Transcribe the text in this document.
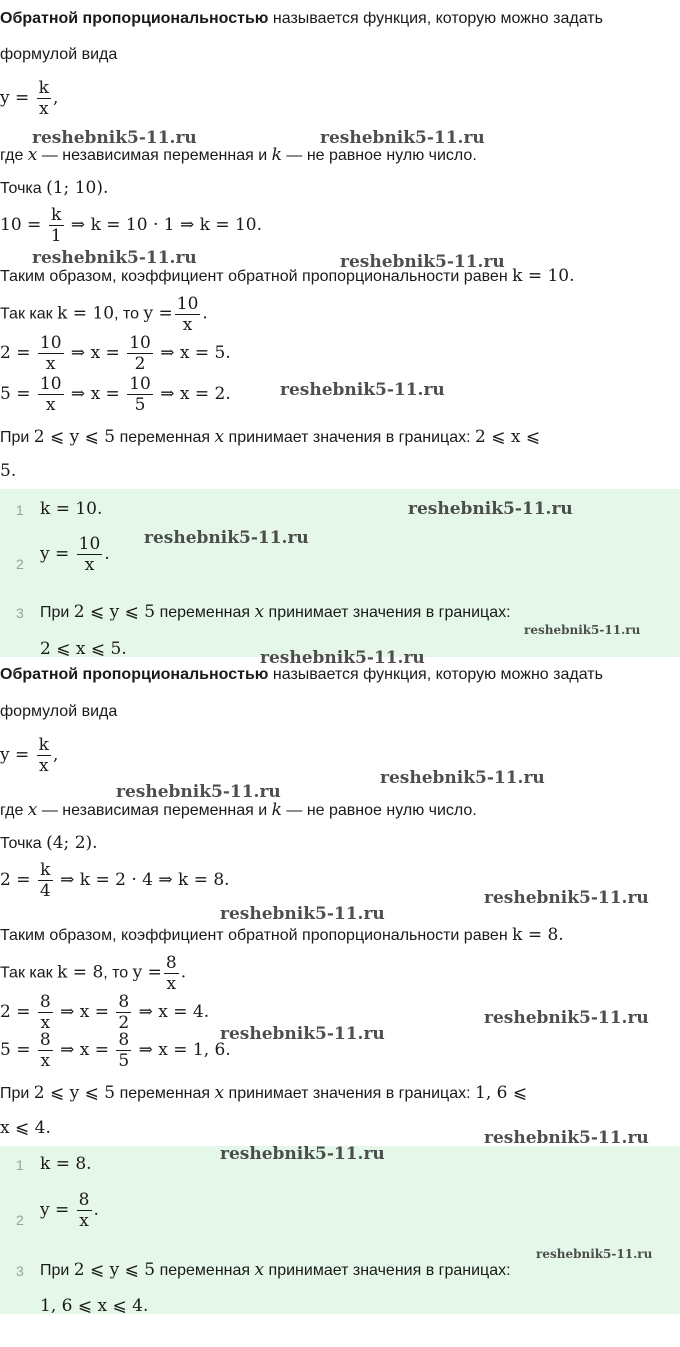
Обратной пропорциональностью называется функция, которую можно задать
формулой вида
$y = \frac{k}{x}$ ,
где x — независимая переменная и k — не равное нулю число.
Точка (1; 10).
$10 = \frac{k}{1}$ ⇒ k = 10 · 1 ⇒ k = 10.
Таким образом, коэффициент обратной пропорциональности равен k = 10.
Так как k = 10, то $y = \frac{10}{x}$ .
$2 = \frac{10}{x}$ ⇒ $x = \frac{10}{2}$ ⇒ x = 5.
$5 = \frac{10}{x}$ ⇒ $x = \frac{10}{5}$ ⇒ x = 2.
При 2 ⩽ y ⩽ 5 переменная x принимает значения в границах: 2 ⩽ x ⩽
5.
1 k = 10.
2 $y = \frac{10}{x}$ .
3 При 2 ⩽ y ⩽ 5 переменная x принимает значения в границах:
2 ⩽ x ⩽ 5.
Обратной пропорциональностью называется функция, которую можно задать
формулой вида
$y = \frac{k}{x}$ ,
где x — независимая переменная и k — не равное нулю число.
Точка (4; 2).
$2 = \frac{k}{4}$ ⇒ k = 2 · 4 ⇒ k = 8.
Таким образом, коэффициент обратной пропорциональности равен k = 8.
Так как k = 8, то $y = \frac{8}{x}$ .
$2 = \frac{8}{x}$ ⇒ $x = \frac{8}{2}$ ⇒ x = 4.
$5 = \frac{8}{x}$ ⇒ $x = \frac{8}{5}$ ⇒ x = 1, 6.
При 2 ⩽ y ⩽ 5 переменная x принимает значения в границах: 1, 6 ⩽
x ⩽ 4.
1 k = 8.
2 $y = \frac{8}{x}$ .
3 При 2 ⩽ y ⩽ 5 переменная x принимает значения в границах:
1, 6 ⩽ x ⩽ 4.
reshebnik5-11.ru	reshebnik5-11.ru
reshebnik5-11.ru	reshebnik5-11.ru
reshebnik5-11.ru
reshebnik5-11.ru
reshebnik5-11.ru
reshebnik5-11.ru
reshebnik5-11.ru
reshebnik5-11.ru
reshebnik5-11.ru
reshebnik5-11.ru
reshebnik5-11.ru
reshebnik5-11.ru
reshebnik5-11.ru
reshebnik5-11.ru
reshebnik5-11.ru
reshebnik5-11.ru
